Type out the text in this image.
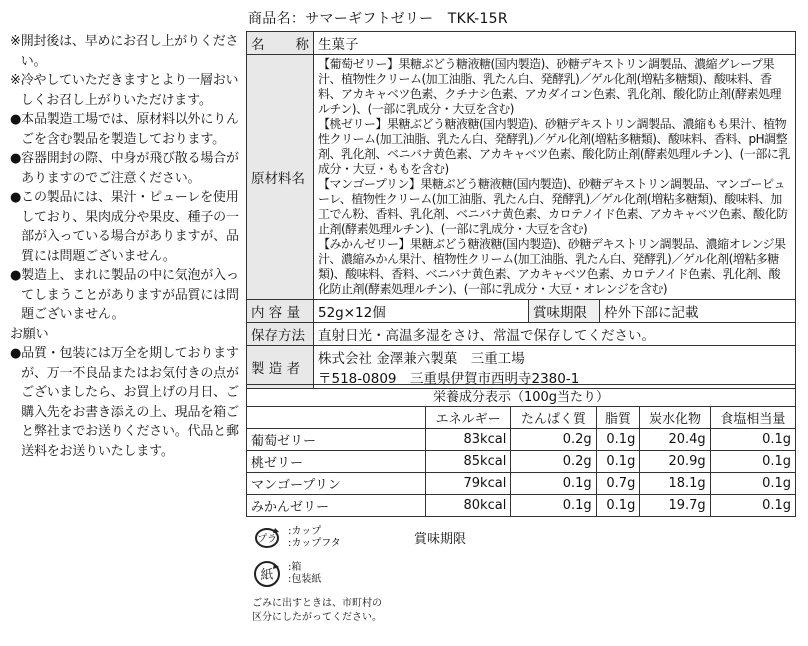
※ 開封後は、早めにお召し上がりください。
※ 冷やしていただきますとより一層おいしくお召し上がりいただけます。
● 本品製造工場では、原材料以外にりんごを含む製品を製造しております。
● 容器開封の際、中身が飛び散る場合がありますのでご注意ください。
● この製品には、果汁・ピューレを使用しており、果肉成分や果皮、種子の一部が入っている場合がありますが、品質には問題ございません。
● 製造上、まれに製品の中に気泡が入ってしまうことがありますが品質には問題ございません。
お願い
● 品質・包装には万全を期しておりますが、万一不良品またはお気付きの点がございましたら、お買上げの月日、ご購入先をお書き添えの上、現品を箱ご と弊社までお送りください。代品と郵送料をお送りいたします。
商品名：サマーギフトゼリー　TKK-15R
名　　称	生菓子		
原材料名	【葡萄ゼリー】果糖ぶどう糖液糖(国内製造)、砂糖デキストリン調製品、濃縮グレープ果汁、植物性クリーム(加工油脂、乳たん白、発酵乳)／ゲル化剤(増粘多糖類)、酸味料、香料、アカキャベツ色素、クチナシ色素、アカダイコン色素、乳化剤、酸化防止剤(酵素処理ルチン)、(一部に乳成分・大豆を含む)

【桃ゼリー】果糖ぶどう糖液糖(国内製造)、砂糖デキストリン調製品、濃縮もも果汁、植物性クリーム(加工油脂、乳たん白、発酵乳)／ゲル化剤(増粘多糖類)、酸味料、香料、pH調整剤、乳化剤、ベニバナ黄色素、アカキャベツ色素、酸化防止剤(酵素処理ルチン)、(一部に乳成分・大豆・ももを含む)

【マンゴープリン】果糖ぶどう糖液糖(国内製造)、砂糖デキストリン調製品、マンゴーピューレ、植物性クリーム(加工油脂、乳たん白、発酵乳)／ゲル化剤(増粘多糖類)、酸味料、加工でん粉、香料、乳化剤、ベニバナ黄色素、カロテノイド色素、アカキャベツ色素、酸化防止剤(酵素処理ルチン)、(一部に乳成分・大豆を含む)

【みかんゼリー】果糖ぶどう糖液糖(国内製造)、砂糖デキストリン調製品、濃縮オレンジ果汁、濃縮みかん果汁、植物性クリーム(加工油脂、乳たん白、発酵乳)／ゲル化剤(増粘多糖類)、酸味料、香料、ベニバナ黄色素、アカキャベツ色素、カロテノイド色素、乳化剤、酸化防止剤(酵素処理ルチン)、(一部に乳成分・大豆・オレンジを含む)		

内 容 量	52g×12個	賞味期限	枠外下部に記載
保存方法	直射日光・高温多湿をさけ、常温で保存してください。		
製 造 者	株式会社 金澤兼六製菓　三重工場
〒518-0809　三重県伊賀市西明寺2380-1		
栄養成分表示（100g当たり）					
	エネルギー	たんぱく質	脂質	炭水化物	食塩相当量
葡萄ゼリー	83kcal	0.2g	0.1g	20.4g	0.1g
桃ゼリー	85kcal	0.2g	0.1g	20.9g	0.1g
マンゴープリン	79kcal	0.1g	0.7g	18.1g	0.1g
みかんゼリー	80kcal	0.1g	0.1g	19.7g	0.1g
プラ
:カップ
:カップフタ
紙
:箱
:包装紙
ごみに出すときは、市町村の
区分にしたがってください。
賞味期限
